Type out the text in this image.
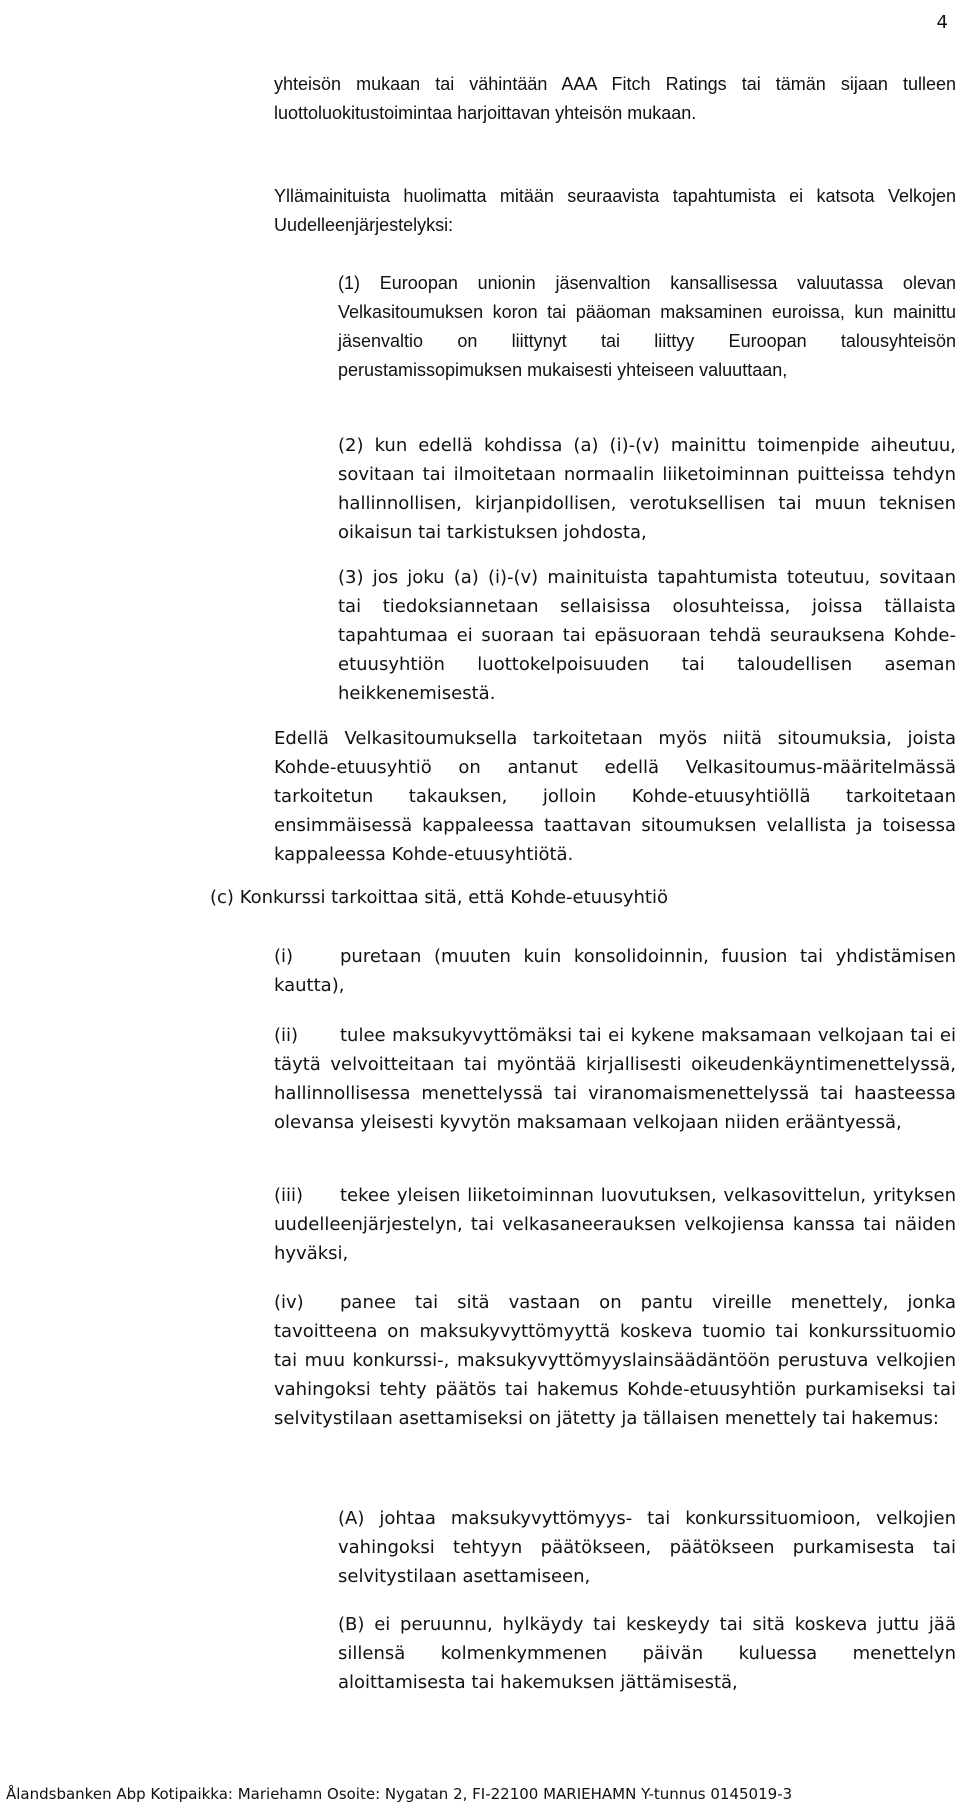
4

yhteisön mukaan tai vähintään AAA Fitch Ratings tai tämän sijaan tulleen luottoluokitustoimintaa harjoittavan yhteisön mukaan.

Yllämainituista huolimatta mitään seuraavista tapahtumista ei katsota Velkojen Uudelleenjärjestelyksi:

(1) Euroopan unionin jäsenvaltion kansallisessa valuutassa olevan Velkasitoumuksen koron tai pääoman maksaminen euroissa, kun mainittu jäsenvaltio on liittynyt tai liittyy Euroopan talousyhteisön perustamissopimuksen mukaisesti yhteiseen valuuttaan,

(2) kun edellä kohdissa (a) (i)-(v) mainittu toimenpide aiheutuu, sovitaan tai ilmoitetaan normaalin liiketoiminnan puitteissa tehdyn hallinnollisen, kirjanpidollisen, verotuksellisen tai muun teknisen oikaisun tai tarkistuksen johdosta,

(3) jos joku (a) (i)-(v) mainituista tapahtumista toteutuu, sovitaan tai tiedoksiannetaan sellaisissa olosuhteissa, joissa tällaista tapahtumaa ei suoraan tai epäsuoraan tehdä seurauksena Kohde-etuusyhtiön luottokelpoisuuden tai taloudellisen aseman heikkenemisestä.

Edellä Velkasitoumuksella tarkoitetaan myös niitä sitoumuksia, joista Kohde-etuusyhtiö on antanut edellä Velkasitoumus-määritelmässä tarkoitetun takauksen, jolloin Kohde-etuusyhtiöllä tarkoitetaan ensimmäisessä kappaleessa taattavan sitoumuksen velallista ja toisessa kappaleessa Kohde-etuusyhtiötä.

(c) Konkurssi tarkoittaa sitä, että Kohde-etuusyhtiö

(i)	puretaan (muuten kuin konsolidoinnin, fuusion tai yhdistämisen kautta),

(ii) tulee maksukyvyttömäksi tai ei kykene maksamaan velkojaan tai ei täytä velvoitteitaan tai myöntää kirjallisesti oikeudenkäyntimenettelyssä, hallinnollisessa menettelyssä tai viranomaismenettelyssä tai haasteessa olevansa yleisesti kyvytön maksamaan velkojaan niiden erääntyessä,

(iii) tekee yleisen liiketoiminnan luovutuksen, velkasovittelun, yrityksen uudelleenjärjestelyn, tai velkasaneerauksen velkojiensa kanssa tai näiden hyväksi,

(iv) panee tai sitä vastaan on pantu vireille menettely, jonka tavoitteena on maksukyvyttömyyttä koskeva tuomio tai konkurssituomio tai muu konkurssi-, maksukyvyttömyyslainsäädäntöön perustuva velkojien vahingoksi tehty päätös tai hakemus Kohde-etuusyhtiön purkamiseksi tai selvitystilaan asettamiseksi on jätetty ja tällaisen menettely tai hakemus:

(A) johtaa maksukyvyttömyys- tai konkurssituomioon, velkojien vahingoksi tehtyyn päätökseen, päätökseen purkamisesta tai selvitystilaan asettamiseen,

(B) ei peruunnu, hylkäydy tai keskeydy tai sitä koskeva juttu jää sillensä kolmenkymmenen päivän kuluessa menettelyn aloittamisesta tai hakemuksen jättämisestä,

Ålandsbanken Abp Kotipaikka: Mariehamn Osoite: Nygatan 2, FI-22100 MARIEHAMN Y-tunnus 0145019-3
